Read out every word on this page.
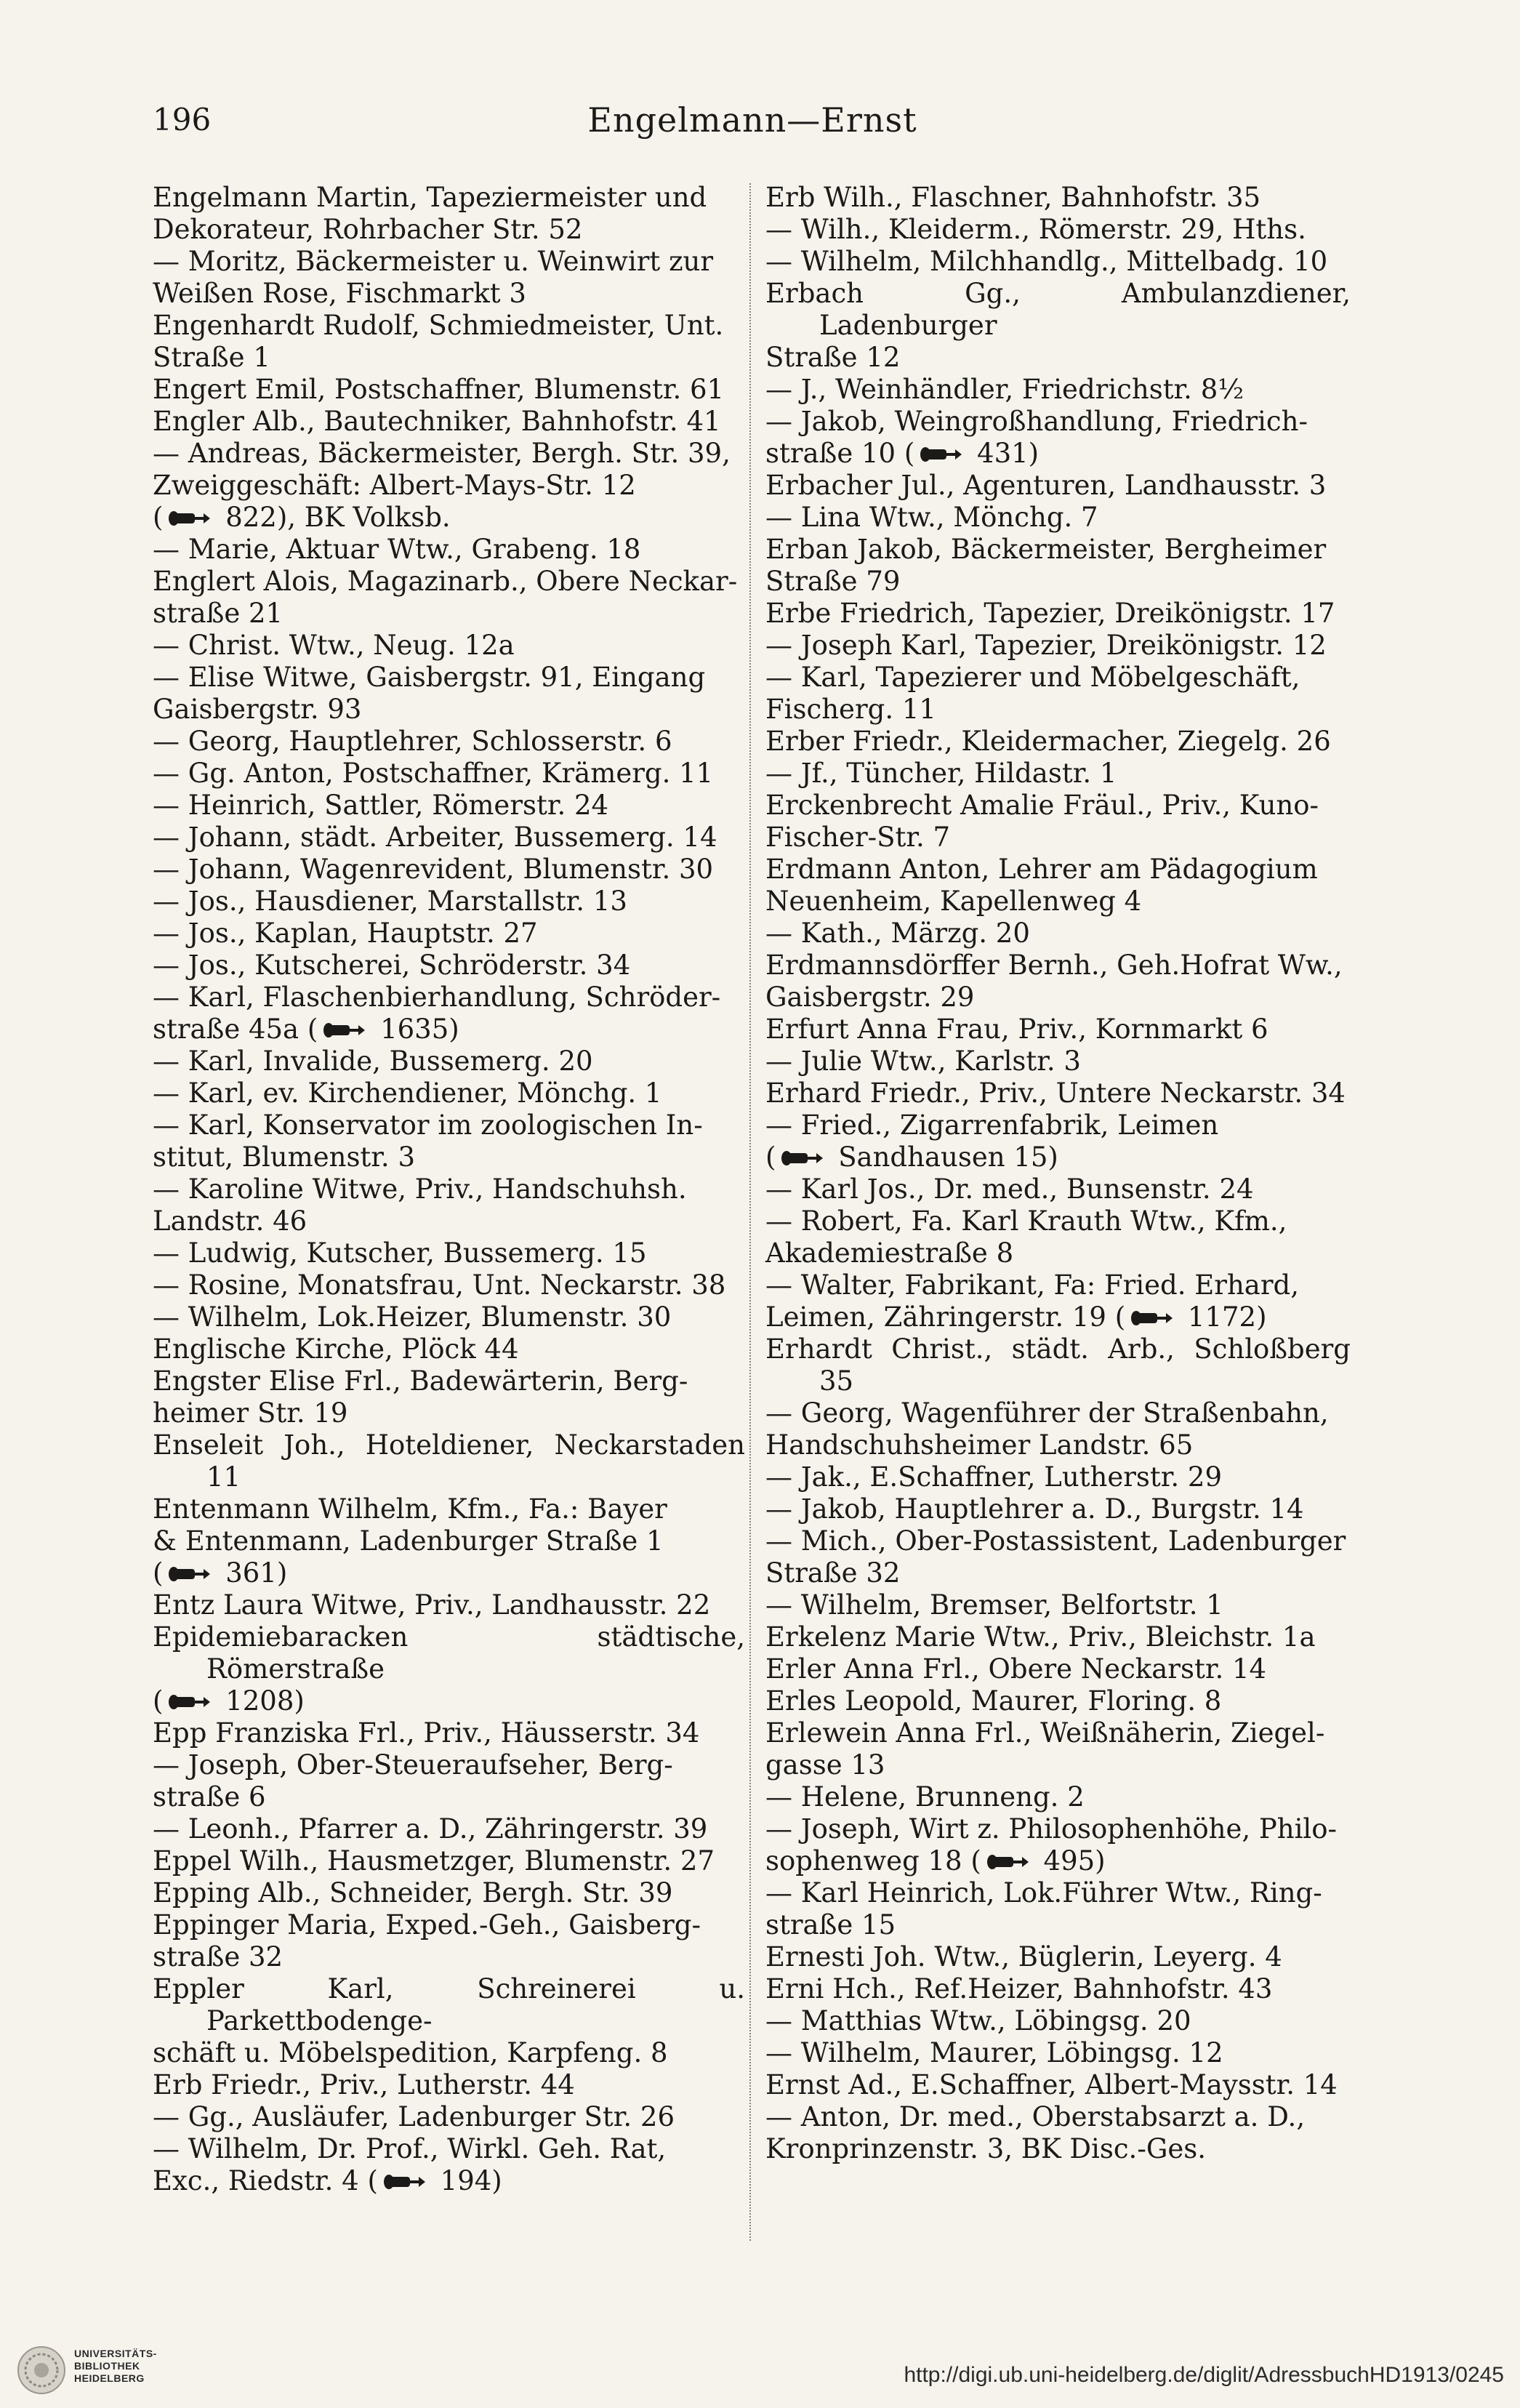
196	Engelmann—Ernst
Engelmann Martin, Tapeziermeister und
Dekorateur, Rohrbacher Str. 52
— Moritz, Bäckermeister u. Weinwirt zur
Weißen Rose, Fischmarkt 3
Engenhardt Rudolf, Schmiedmeister, Unt.
Straße 1
Engert Emil, Postschaffner, Blumenstr. 61
Engler Alb., Bautechniker, Bahnhofstr. 41
— Andreas, Bäckermeister, Bergh. Str. 39,
Zweiggeschäft: Albert-Mays-Str. 12
( 822), BK Volksb.
— Marie, Aktuar Wtw., Grabeng. 18
Englert Alois, Magazinarb., Obere Neckar-
straße 21
— Christ. Wtw., Neug. 12a
— Elise Witwe, Gaisbergstr. 91, Eingang
Gaisbergstr. 93
— Georg, Hauptlehrer, Schlosserstr. 6
— Gg. Anton, Postschaffner, Krämerg. 11
— Heinrich, Sattler, Römerstr. 24
— Johann, städt. Arbeiter, Bussemerg. 14
— Johann, Wagenrevident, Blumenstr. 30
— Jos., Hausdiener, Marstallstr. 13
— Jos., Kaplan, Hauptstr. 27
— Jos., Kutscherei, Schröderstr. 34
— Karl, Flaschenbierhandlung, Schröder-
straße 45a ( 1635)
— Karl, Invalide, Bussemerg. 20
— Karl, ev. Kirchendiener, Mönchg. 1
— Karl, Konservator im zoologischen In-
stitut, Blumenstr. 3
— Karoline Witwe, Priv., Handschuhsh.
Landstr. 46
— Ludwig, Kutscher, Bussemerg. 15
— Rosine, Monatsfrau, Unt. Neckarstr. 38
— Wilhelm, Lok.Heizer, Blumenstr. 30
Englische Kirche, Plöck 44
Engster Elise Frl., Badewärterin, Berg-
heimer Str. 19
Enseleit Joh., Hoteldiener, Neckarstaden 11
Entenmann Wilhelm, Kfm., Fa.: Bayer
& Entenmann, Ladenburger Straße 1
( 361)
Entz Laura Witwe, Priv., Landhausstr. 22
Epidemiebaracken städtische, Römerstraße
( 1208)
Epp Franziska Frl., Priv., Häusserstr. 34
— Joseph, Ober-Steueraufseher, Berg-
straße 6
— Leonh., Pfarrer a. D., Zähringerstr. 39
Eppel Wilh., Hausmetzger, Blumenstr. 27
Epping Alb., Schneider, Bergh. Str. 39
Eppinger Maria, Exped.-Geh., Gaisberg-
straße 32
Eppler Karl, Schreinerei u. Parkettbodenge-
schäft u. Möbelspedition, Karpfeng. 8
Erb Friedr., Priv., Lutherstr. 44
— Gg., Ausläufer, Ladenburger Str. 26
— Wilhelm, Dr. Prof., Wirkl. Geh. Rat,
Exc., Riedstr. 4 ( 194)
Erb Wilh., Flaschner, Bahnhofstr. 35
— Wilh., Kleiderm., Römerstr. 29, Hths.
— Wilhelm, Milchhandlg., Mittelbadg. 10
Erbach Gg., Ambulanzdiener, Ladenburger
Straße 12
— J., Weinhändler, Friedrichstr. 8½
— Jakob, Weingroßhandlung, Friedrich-
straße 10 ( 431)
Erbacher Jul., Agenturen, Landhausstr. 3
— Lina Wtw., Mönchg. 7
Erban Jakob, Bäckermeister, Bergheimer
Straße 79
Erbe Friedrich, Tapezier, Dreikönigstr. 17
— Joseph Karl, Tapezier, Dreikönigstr. 12
— Karl, Tapezierer und Möbelgeschäft,
Fischerg. 11
Erber Friedr., Kleidermacher, Ziegelg. 26
— Jf., Tüncher, Hildastr. 1
Erckenbrecht Amalie Fräul., Priv., Kuno-
Fischer-Str. 7
Erdmann Anton, Lehrer am Pädagogium
Neuenheim, Kapellenweg 4
— Kath., Märzg. 20
Erdmannsdörffer Bernh., Geh.Hofrat Ww.,
Gaisbergstr. 29
Erfurt Anna Frau, Priv., Kornmarkt 6
— Julie Wtw., Karlstr. 3
Erhard Friedr., Priv., Untere Neckarstr. 34
— Fried., Zigarrenfabrik, Leimen
( Sandhausen 15)
— Karl Jos., Dr. med., Bunsenstr. 24
— Robert, Fa. Karl Krauth Wtw., Kfm.,
Akademiestraße 8
— Walter, Fabrikant, Fa: Fried. Erhard,
Leimen, Zähringerstr. 19 ( 1172)
Erhardt Christ., städt. Arb., Schloßberg 35
— Georg, Wagenführer der Straßenbahn,
Handschuhsheimer Landstr. 65
— Jak., E.Schaffner, Lutherstr. 29
— Jakob, Hauptlehrer a. D., Burgstr. 14
— Mich., Ober-Postassistent, Ladenburger
Straße 32
— Wilhelm, Bremser, Belfortstr. 1
Erkelenz Marie Wtw., Priv., Bleichstr. 1a
Erler Anna Frl., Obere Neckarstr. 14
Erles Leopold, Maurer, Floring. 8
Erlewein Anna Frl., Weißnäherin, Ziegel-
gasse 13
— Helene, Brunneng. 2
— Joseph, Wirt z. Philosophenhöhe, Philo-
sophenweg 18 ( 495)
— Karl Heinrich, Lok.Führer Wtw., Ring-
straße 15
Ernesti Joh. Wtw., Büglerin, Leyerg. 4
Erni Hch., Ref.Heizer, Bahnhofstr. 43
— Matthias Wtw., Löbingsg. 20
— Wilhelm, Maurer, Löbingsg. 12
Ernst Ad., E.Schaffner, Albert-Maysstr. 14
— Anton, Dr. med., Oberstabsarzt a. D.,
Kronprinzenstr. 3, BK Disc.-Ges.
UNIVERSITÄTS-
BIBLIOTHEK
HEIDELBERG	http://digi.ub.uni-heidelberg.de/diglit/AdressbuchHD1913/0245
